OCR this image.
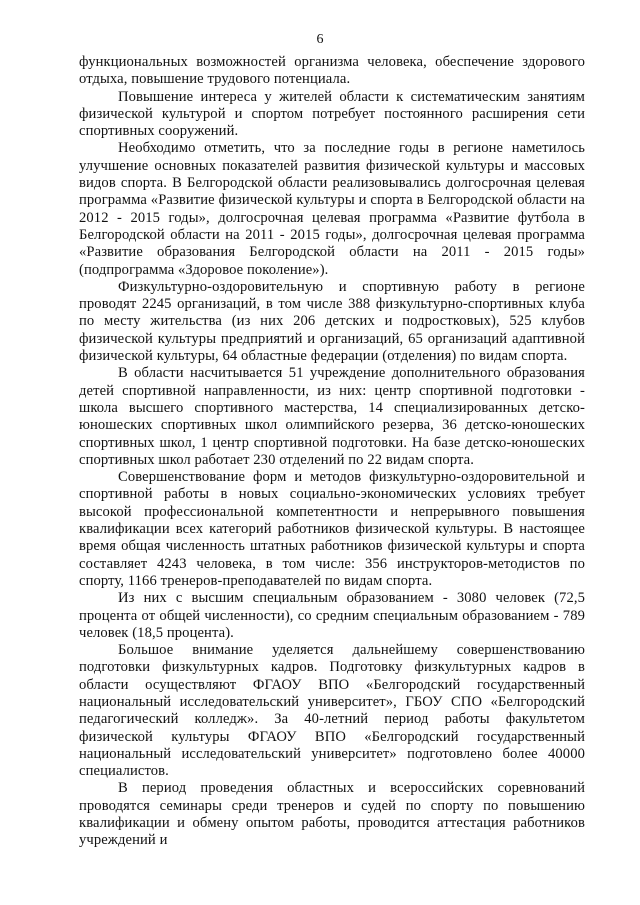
6

функциональных возможностей организма человека, обеспечение здорового отдыха, повышение трудового потенциала.

Повышение интереса у жителей области к систематическим занятиям физической культурой и спортом потребует постоянного расширения сети спортивных сооружений.

Необходимо отметить, что за последние годы в регионе наметилось улучшение основных показателей развития физической культуры и массовых видов спорта. В Белгородской области реализовывались долгосрочная целевая программа «Развитие физической культуры и спорта в Белгородской области на 2012 - 2015 годы», долгосрочная целевая программа «Развитие футбола в Белгородской области на 2011 - 2015 годы», долгосрочная целевая программа «Развитие образования Белгородской области на 2011 - 2015 годы» (подпрограмма «Здоровое поколение»).

Физкультурно-оздоровительную и спортивную работу в регионе проводят 2245 организаций, в том числе 388 физкультурно-спортивных клуба по месту жительства (из них 206 детских и подростковых), 525 клубов физической культуры предприятий и организаций, 65 организаций адаптивной физической культуры, 64 областные федерации (отделения) по видам спорта.

В области насчитывается 51 учреждение дополнительного образования детей спортивной направленности, из них: центр спортивной подготовки - школа высшего спортивного мастерства, 14 специализированных детско-юношеских спортивных школ олимпийского резерва, 36 детско-юношеских спортивных школ, 1 центр спортивной подготовки. На базе детско-юношеских спортивных школ работает 230 отделений по 22 видам спорта.

Совершенствование форм и методов физкультурно-оздоровительной и спортивной работы в новых социально-экономических условиях требует высокой профессиональной компетентности и непрерывного повышения квалификации всех категорий работников физической культуры. В настоящее время общая численность штатных работников физической культуры и спорта составляет 4243 человека, в том числе: 356 инструкторов-методистов по спорту, 1166 тренеров-преподавателей по видам спорта.

Из них с высшим специальным образованием - 3080 человек (72,5 процента от общей численности), со средним специальным образованием - 789 человек (18,5 процента).

Большое внимание уделяется дальнейшему совершенствованию подготовки физкультурных кадров. Подготовку физкультурных кадров в области осуществляют ФГАОУ ВПО «Белгородский государственный национальный исследовательский университет», ГБОУ СПО «Белгородский педагогический колледж». За 40-летний период работы факультетом физической культуры ФГАОУ ВПО «Белгородский государственный национальный исследовательский университет» подготовлено более 40000 специалистов.

В период проведения областных и всероссийских соревнований проводятся семинары среди тренеров и судей по спорту по повышению квалификации и обмену опытом работы, проводится аттестация работников учреждений и
